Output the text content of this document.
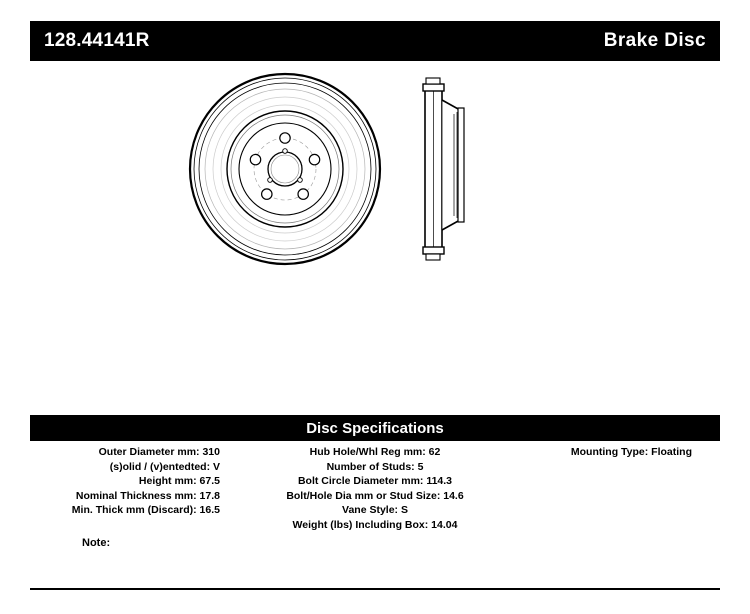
128.44141R	Brake Disc
Disc Specifications
Outer Diameter mm: 310
(s)olid / (v)entedted: V
Height mm: 67.5
Nominal Thickness mm: 17.8
Min. Thick mm (Discard): 16.5
Hub Hole/Whl Reg mm: 62
Number of Studs: 5
Bolt Circle Diameter mm: 114.3
Bolt/Hole Dia mm or Stud Size: 14.6
Vane Style: S
Weight (lbs) Including Box: 14.04
Mounting Type: Floating
Note:
